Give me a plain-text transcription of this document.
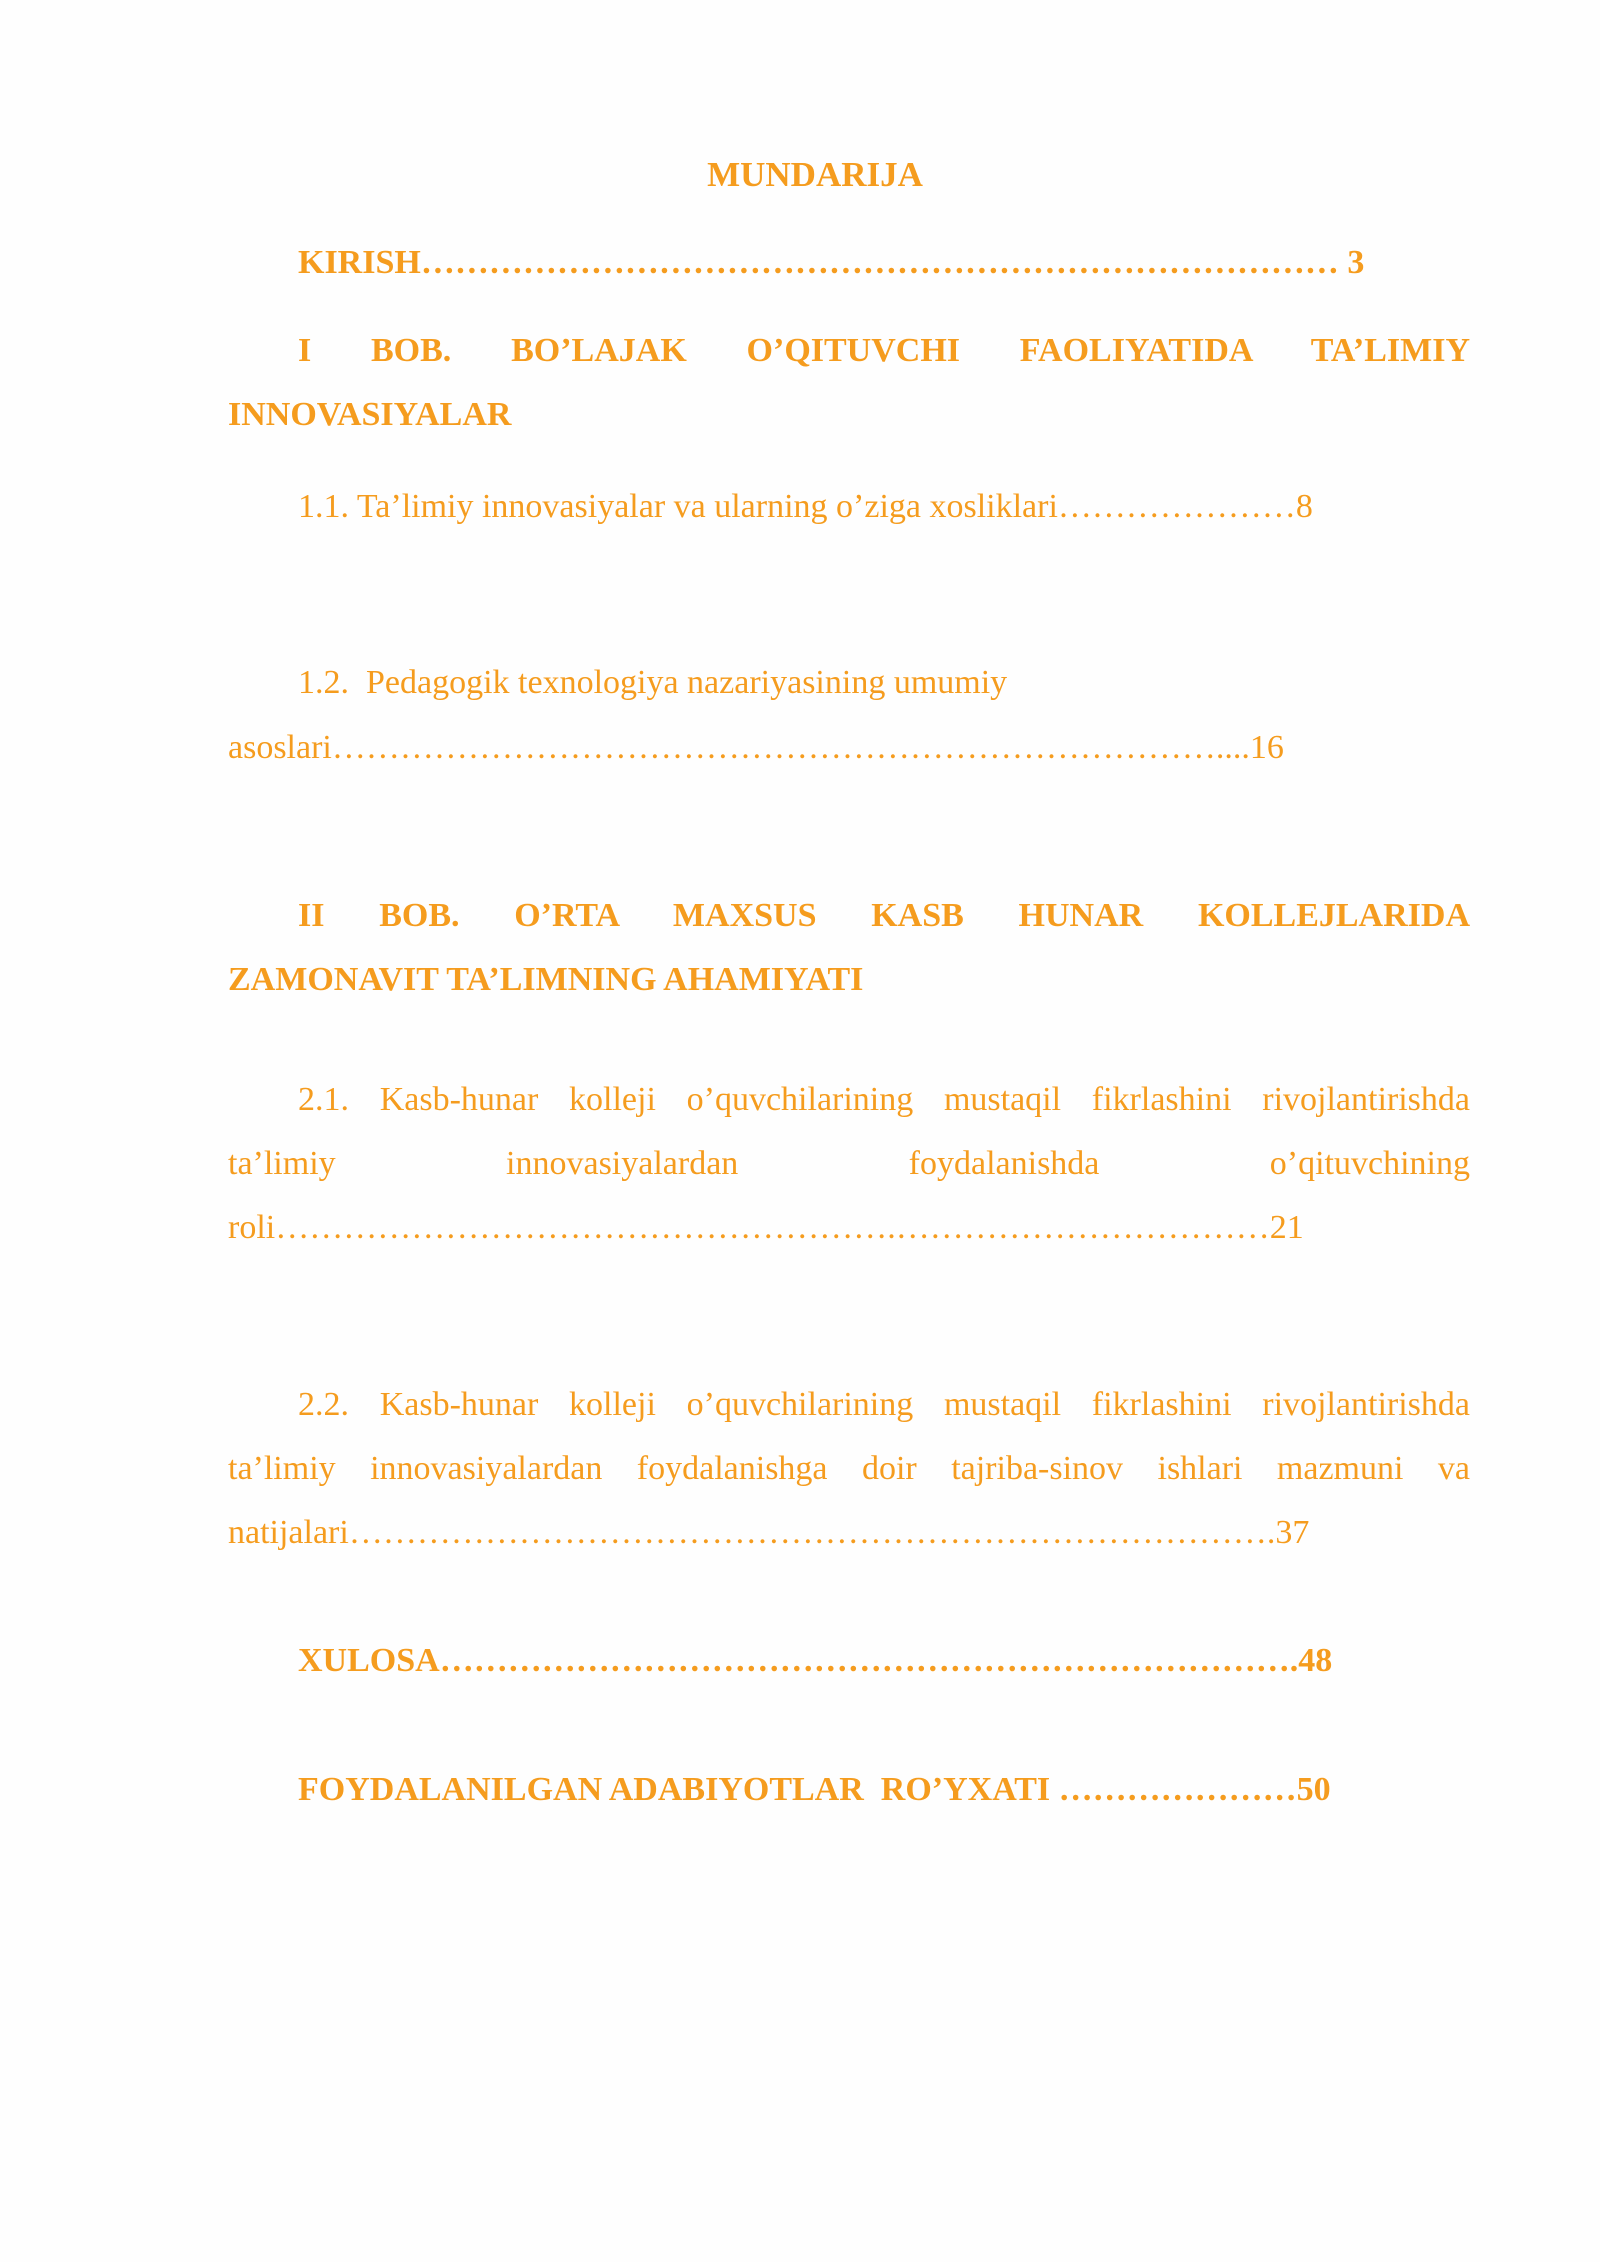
MUNDARIJA
KIRISH……………………………………………………………………… 3
I BOB. BO’LAJAK O’QITUVCHI FAOLIYATIDA TA’LIMIY
INNOVASIYALAR
1.1. Ta’limiy innovasiyalar va ularning o’ziga xosliklari…………………8
1.2.  Pedagogik texnologiya nazariyasining umumiy
asoslari……………………………………………………………………....16
II BOB. O’RTA MAXSUS KASB HUNAR KOLLEJLARIDA
ZAMONAVIT TA’LIMNING AHAMIYATI
2.1. Kasb-hunar kolleji o’quvchilarining mustaqil fikrlashini rivojlantirishda
ta’limiy innovasiyalardan foydalanishda o’qituvchining
roli……………………………………………….……………………………21
2.2. Kasb-hunar kolleji o’quvchilarining mustaqil fikrlashini rivojlantirishda
ta’limiy innovasiyalardan foydalanishga doir tajriba-sinov ishlari mazmuni va
natijalari……………………………………………………………………….37
XULOSA………………………………………………………………….48
FOYDALANILGAN ADABIYOTLAR  RO’YXATI …………………50
